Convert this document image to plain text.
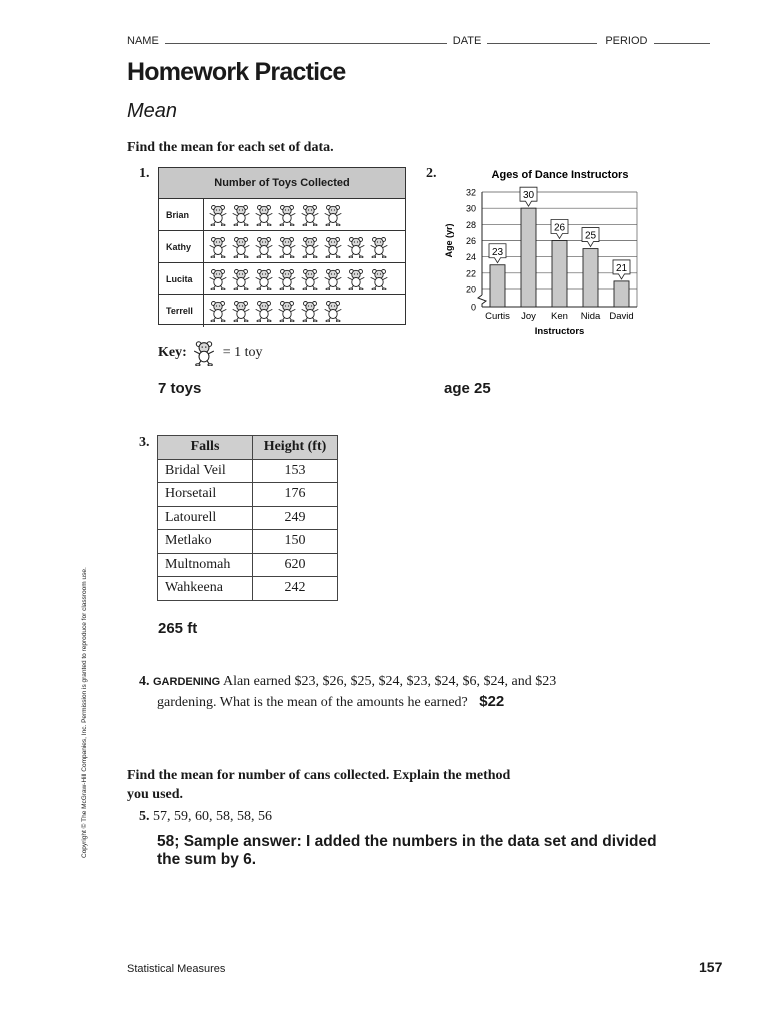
NAME	DATE	PERIOD
Homework Practice
Mean
Find the mean for each set of data.
1.
Number of Toys Collected
Brian
Kathy
Lucita
Terrell
Key:	= 1 toy
7 toys
2.	Ages of Dance Instructors
32
30
28
26
24
22
20
0
Age (yr)	23
Curtis
30
Joy
26
Ken
25
Nida
21
David
Instructors
age 25
3.	Falls	Height (ft)
Bridal Veil	153
Horsetail	176
Latourell	249
Metlako	150
Multnomah	620
Wahkeena	242
265 ft
4. GARDENING Alan earned $23, $26, $25, $24, $23, $24, $6, $24, and $23
gardening. What is the mean of the amounts he earned? $22
Find the mean for number of cans collected. Explain the method
you used.
5. 57, 59, 60, 58, 58, 56
58; Sample answer: I added the numbers in the data set and divided
the sum by 6.
Copyright © The McGraw-Hill Companies, Inc. Permission is granted to reproduce for classroom use.
Statistical Measures	157
